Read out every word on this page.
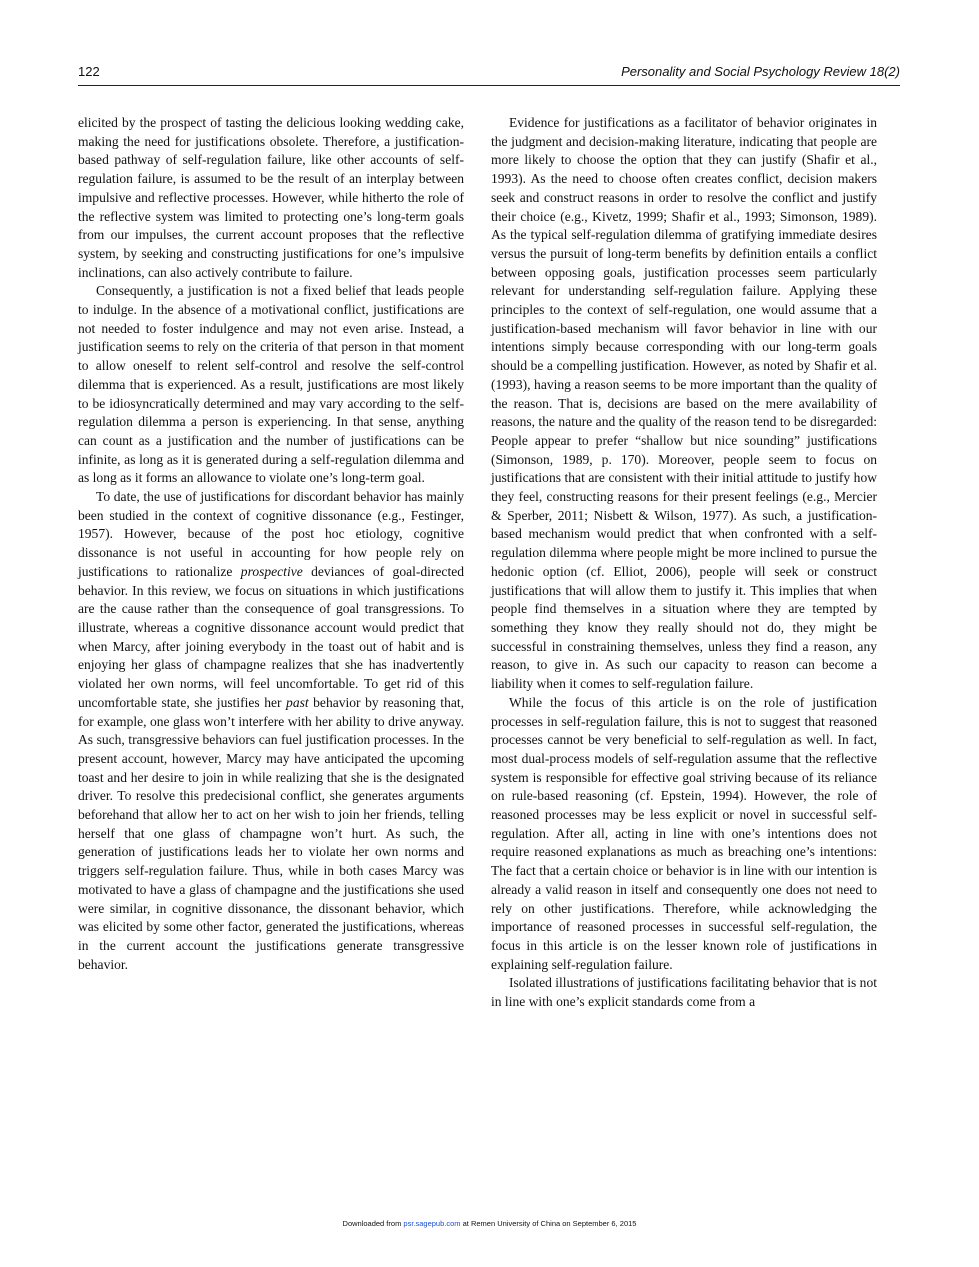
122	Personality and Social Psychology Review 18(2)

elicited by the prospect of tasting the delicious looking wedding cake, making the need for justifications obsolete. Therefore, a justification-based pathway of self-regulation failure, like other accounts of self-regulation failure, is assumed to be the result of an interplay between impulsive and reflective processes. However, while hitherto the role of the reflective system was limited to protecting one’s long-term goals from our impulses, the current account proposes that the reflective system, by seeking and constructing justifications for one’s impulsive inclinations, can also actively contribute to failure.

Consequently, a justification is not a fixed belief that leads people to indulge. In the absence of a motivational conflict, justifications are not needed to foster indulgence and may not even arise. Instead, a justification seems to rely on the criteria of that person in that moment to allow oneself to relent self-control and resolve the self-control dilemma that is experienced. As a result, justifications are most likely to be idiosyncratically determined and may vary according to the self-regulation dilemma a person is experiencing. In that sense, anything can count as a justification and the number of justifications can be infinite, as long as it is generated during a self-regulation dilemma and as long as it forms an allowance to violate one’s long-term goal.

To date, the use of justifications for discordant behavior has mainly been studied in the context of cognitive dissonance (e.g., Festinger, 1957). However, because of the post hoc etiology, cognitive dissonance is not useful in accounting for how people rely on justifications to rationalize prospective deviances of goal-directed behavior. In this review, we focus on situations in which justifications are the cause rather than the consequence of goal transgressions. To illustrate, whereas a cognitive dissonance account would predict that when Marcy, after joining everybody in the toast out of habit and is enjoying her glass of champagne realizes that she has inadvertently violated her own norms, will feel uncomfortable. To get rid of this uncomfortable state, she justifies her past behavior by reasoning that, for example, one glass won’t interfere with her ability to drive anyway. As such, transgressive behaviors can fuel justification processes. In the present account, however, Marcy may have anticipated the upcoming toast and her desire to join in while realizing that she is the designated driver. To resolve this predecisional conflict, she generates arguments beforehand that allow her to act on her wish to join her friends, telling herself that one glass of champagne won’t hurt. As such, the generation of justifications leads her to violate her own norms and triggers self-regulation failure. Thus, while in both cases Marcy was motivated to have a glass of champagne and the justifications she used were similar, in cognitive dissonance, the dissonant behavior, which was elicited by some other factor, generated the justifications, whereas in the current account the justifications generate transgressive behavior.

Evidence for justifications as a facilitator of behavior originates in the judgment and decision-making literature, indicating that people are more likely to choose the option that they can justify (Shafir et al., 1993). As the need to choose often creates conflict, decision makers seek and construct reasons in order to resolve the conflict and justify their choice (e.g., Kivetz, 1999; Shafir et al., 1993; Simonson, 1989). As the typical self-regulation dilemma of gratifying immediate desires versus the pursuit of long-term benefits by definition entails a conflict between opposing goals, justification processes seem particularly relevant for understanding self-regulation failure. Applying these principles to the context of self-regulation, one would assume that a justification-based mechanism will favor behavior in line with our intentions simply because corresponding with our long-term goals should be a compelling justification. However, as noted by Shafir et al. (1993), having a reason seems to be more important than the quality of the reason. That is, decisions are based on the mere availability of reasons, the nature and the quality of the reason tend to be disregarded: People appear to prefer “shallow but nice sounding” justifications (Simonson, 1989, p. 170). Moreover, people seem to focus on justifications that are consistent with their initial attitude to justify how they feel, constructing reasons for their present feelings (e.g., Mercier & Sperber, 2011; Nisbett & Wilson, 1977). As such, a justification-based mechanism would predict that when confronted with a self-regulation dilemma where people might be more inclined to pursue the hedonic option (cf. Elliot, 2006), people will seek or construct justifications that will allow them to justify it. This implies that when people find themselves in a situation where they are tempted by something they know they really should not do, they might be successful in constraining themselves, unless they find a reason, any reason, to give in. As such our capacity to reason can become a liability when it comes to self-regulation failure.

While the focus of this article is on the role of justification processes in self-regulation failure, this is not to suggest that reasoned processes cannot be very beneficial to self-regulation as well. In fact, most dual-process models of self-regulation assume that the reflective system is responsible for effective goal striving because of its reliance on rule-based reasoning (cf. Epstein, 1994). However, the role of reasoned processes may be less explicit or novel in successful self-regulation. After all, acting in line with one’s intentions does not require reasoned explanations as much as breaching one’s intentions: The fact that a certain choice or behavior is in line with our intention is already a valid reason in itself and consequently one does not need to rely on other justifications. Therefore, while acknowledging the importance of reasoned processes in successful self-regulation, the focus in this article is on the lesser known role of justifications in explaining self-regulation failure.

Isolated illustrations of justifications facilitating behavior that is not in line with one’s explicit standards come from a

Downloaded from psr.sagepub.com at Remen University of China on September 6, 2015
